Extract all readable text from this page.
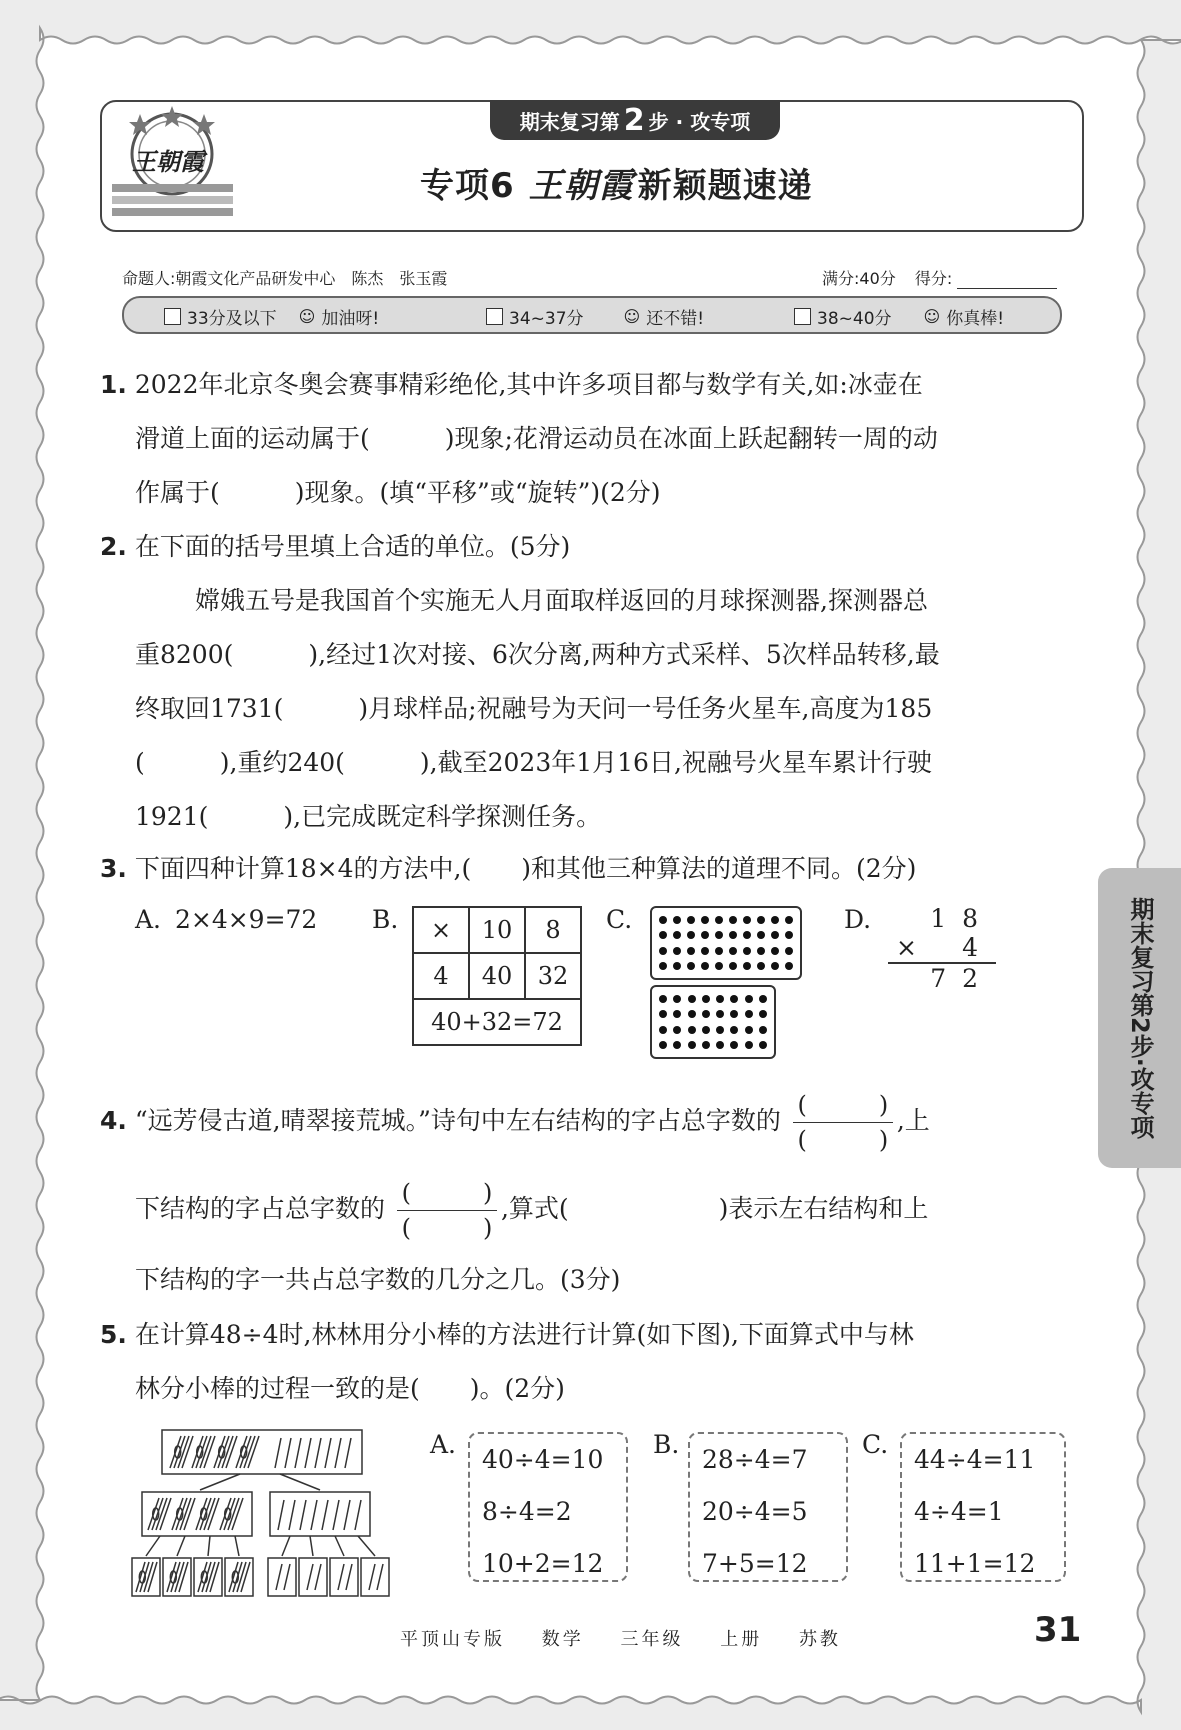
期末复习第 2 步 · 攻专项
王朝霞
专项6 王朝霞 新颖题速递
命题人:朝霞文化产品研发中心　陈杰　张玉霞	满分:40分 得分:
33分及以下 ☺ 加油呀!	34~37分	☺ 还不错!	38~40分 ☺ 你真棒!
1. 2022年北京冬奥会赛事精彩绝伦,其中许多项目都与数学有关,如:冰壶在
滑道上面的运动属于(　　　)现象;花滑运动员在冰面上跃起翻转一周的动
作属于(　　　)现象。(填“平移”或“旋转”)(2分)
2. 在下面的括号里填上合适的单位。(5分)
嫦娥五号是我国首个实施无人月面取样返回的月球探测器,探测器总
重8200(　　　),经过1次对接、6次分离,两种方式采样、5次样品转移,最
终取回1731(　　　)月球样品;祝融号为天问一号任务火星车,高度为185
(　　　),重约240(　　　),截至2023年1月16日,祝融号火星车累计行驶
1921(　　　),已完成既定科学探测任务。
3. 下面四种计算18×4的方法中,(　　)和其他三种算法的道理不同。(2分)
A. 2×4×9=72 B. ×	10	8
4	40	32
40+32=72		
C.	D.	1 8
× 4
7 2	期末复习第2步·攻专项
4. “远芳侵古道,晴翠接荒城。”诗句中左右结构的字占总字数的 $\frac{( )}{( )}$ ,上
下结构的字占总字数的 $\frac{( )}{( )}$ ,算式(　　　　　　)表示左右结构和上
下结构的字一共占总字数的几分之几。(3分)
5. 在计算48÷4时,林林用分小棒的方法进行计算(如下图),下面算式中与林
林分小棒的过程一致的是(　　)。(2分)
A.
40÷4=10
8÷4=2
10+2=12
B.
28÷4=7
20÷4=5
7+5=12
C.
44÷4=11
4÷4=1
11+1=12
平顶山专版 数学 三年级 上册 苏教	31
